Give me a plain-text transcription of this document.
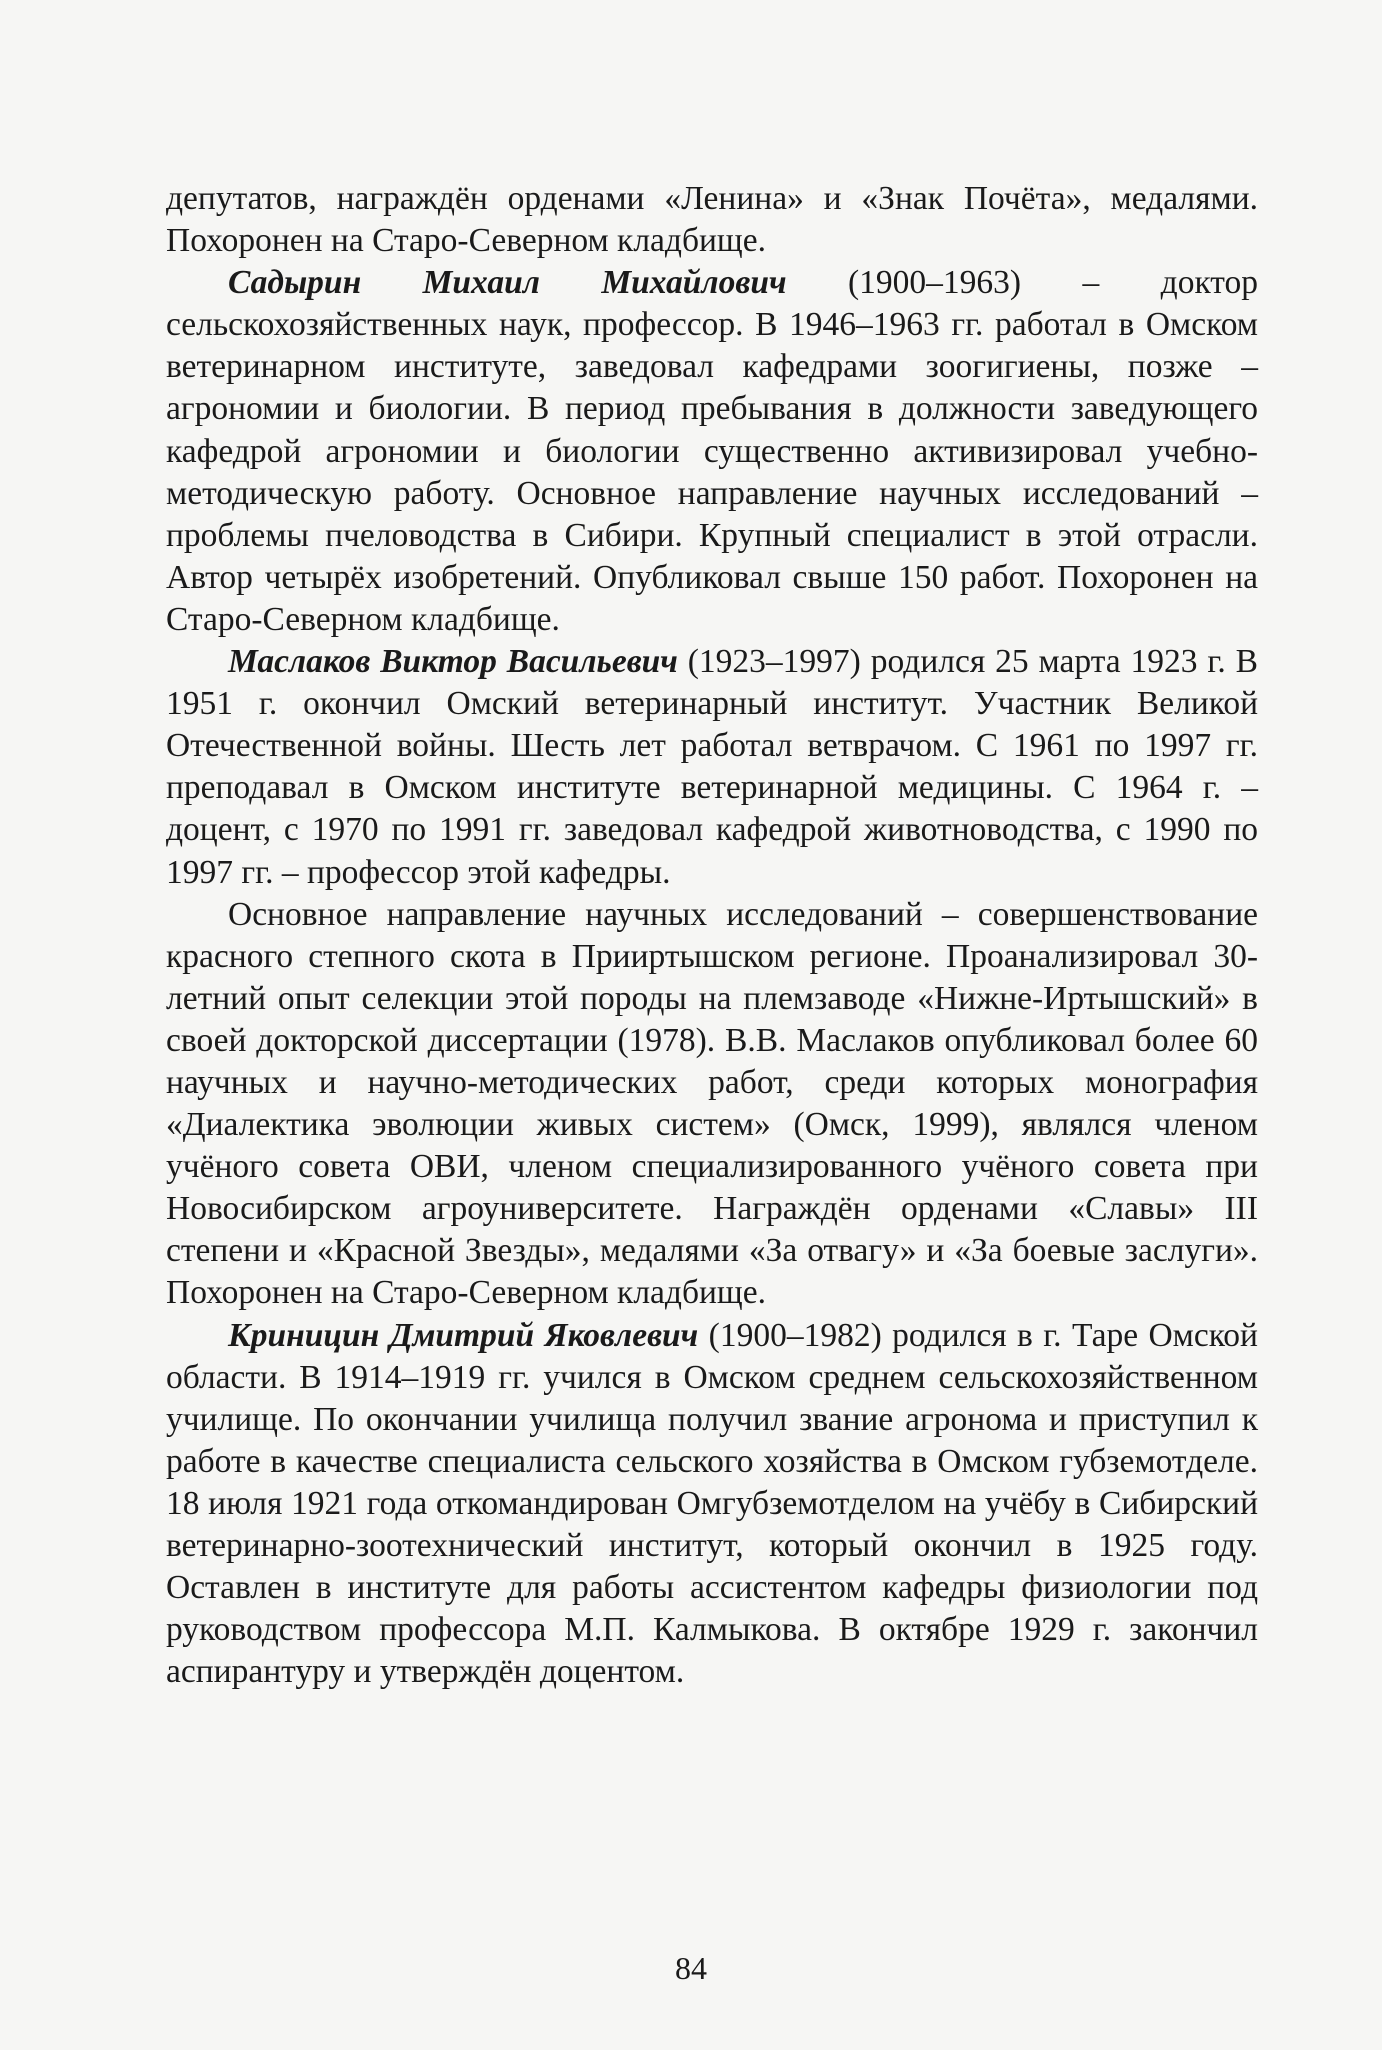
депутатов, награждён орденами «Ленина» и «Знак Почёта», медалями. Похоронен на Старо-Северном кладбище.

Садырин Михаил Михайлович (1900–1963) – доктор сельскохозяйственных наук, профессор. В 1946–1963 гг. работал в Омском ветеринарном институте, заведовал кафедрами зоогигиены, позже – агрономии и биологии. В период пребывания в должности заведующего кафедрой агрономии и биологии существенно активизировал учебно-методическую работу. Основное направление научных исследований – проблемы пчеловодства в Сибири. Крупный специалист в этой отрасли. Автор четырёх изобретений. Опубликовал свыше 150 работ. Похоронен на Старо-Северном кладбище.

Маслаков Виктор Васильевич (1923–1997) родился 25 марта 1923 г. В 1951 г. окончил Омский ветеринарный институт. Участник Великой Отечественной войны. Шесть лет работал ветврачом. С 1961 по 1997 гг. преподавал в Омском институте ветеринарной медицины. С 1964 г. – доцент, с 1970 по 1991 гг. заведовал кафедрой животноводства, с 1990 по 1997 гг. – профессор этой кафедры.

Основное направление научных исследований – совершенствование красного степного скота в Прииртышском регионе. Проанализировал 30-летний опыт селекции этой породы на племзаводе «Нижне-Иртышский» в своей докторской диссертации (1978). В.В. Маслаков опубликовал более 60 научных и научно-методических работ, среди которых монография «Диалектика эволюции живых систем» (Омск, 1999), являлся членом учёного совета ОВИ, членом специализированного учёного совета при Новосибирском агроуниверситете. Награждён орденами «Славы» III степени и «Красной Звезды», медалями «За отвагу» и «За боевые заслуги». Похоронен на Старо-Северном кладбище.

Криницин Дмитрий Яковлевич (1900–1982) родился в г. Таре Омской области. В 1914–1919 гг. учился в Омском среднем сельскохозяйственном училище. По окончании училища получил звание агронома и приступил к работе в качестве специалиста сельского хозяйства в Омском губземотделе. 18 июля 1921 года откомандирован Омгубземотделом на учёбу в Сибирский ветеринарно-зоотехнический институт, который окончил в 1925 году. Оставлен в институте для работы ассистентом кафедры физиологии под руководством профессора М.П. Калмыкова. В октябре 1929 г. закончил аспирантуру и утверждён доцентом.

84
